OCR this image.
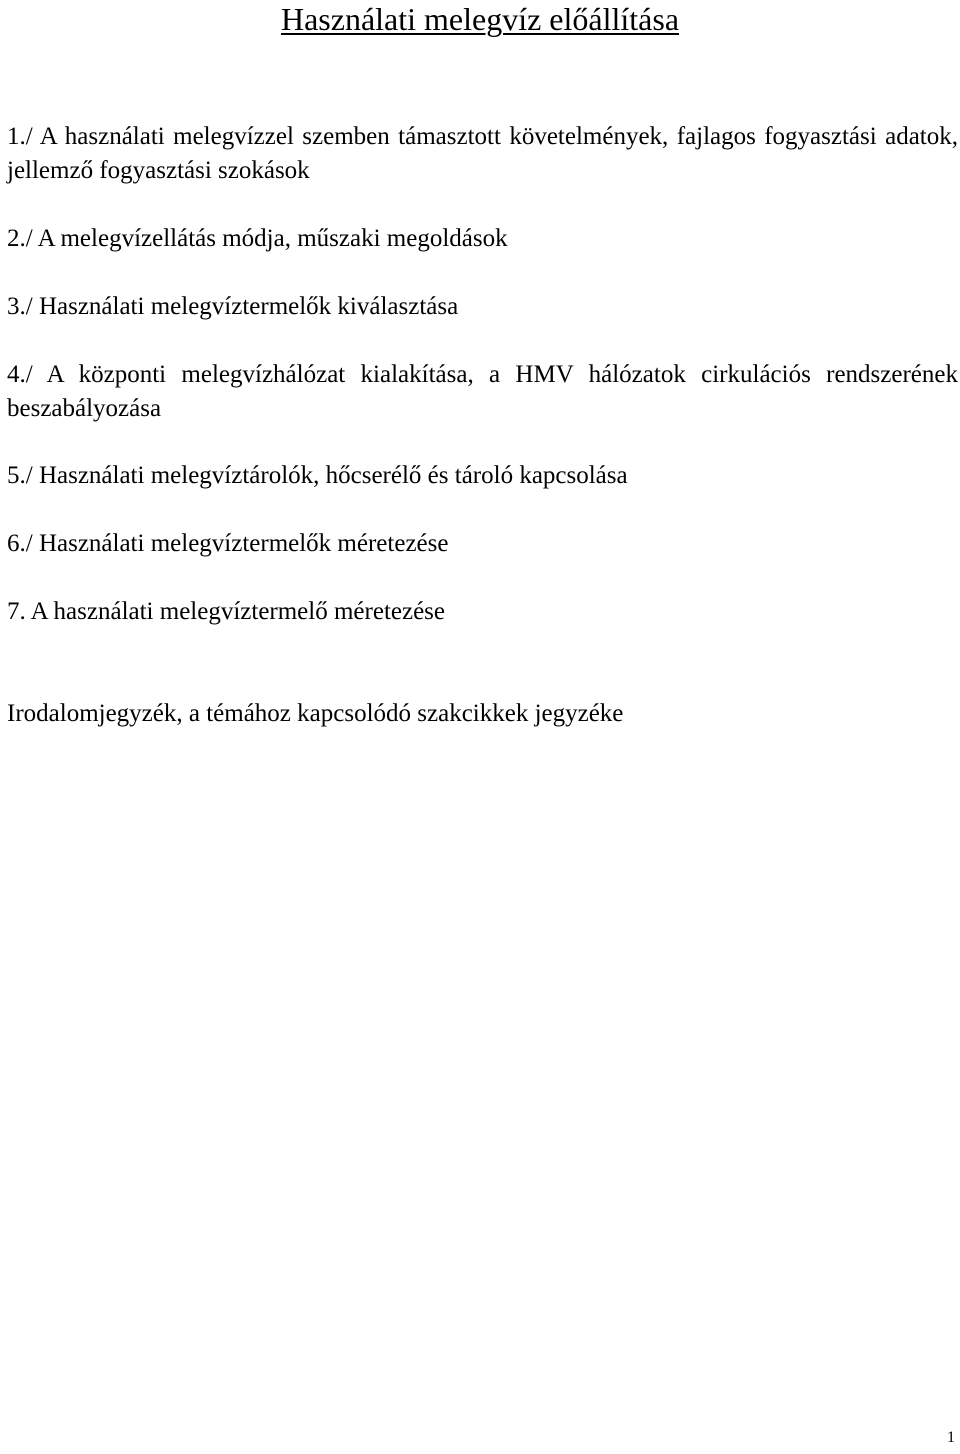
Használati melegvíz előállítása

1./ A használati melegvízzel szemben támasztott követelmények, fajlagos fogyasztási adatok, jellemző fogyasztási szokások

2./ A melegvízellátás módja, műszaki megoldások

3./ Használati melegvíztermelők kiválasztása

4./ A központi melegvízhálózat kialakítása, a HMV hálózatok cirkulációs rendszerének beszabályozása

5./ Használati melegvíztárolók, hőcserélő és tároló kapcsolása

6./ Használati melegvíztermelők méretezése

7. A használati melegvíztermelő méretezése

Irodalomjegyzék, a témához kapcsolódó szakcikkek jegyzéke

1
